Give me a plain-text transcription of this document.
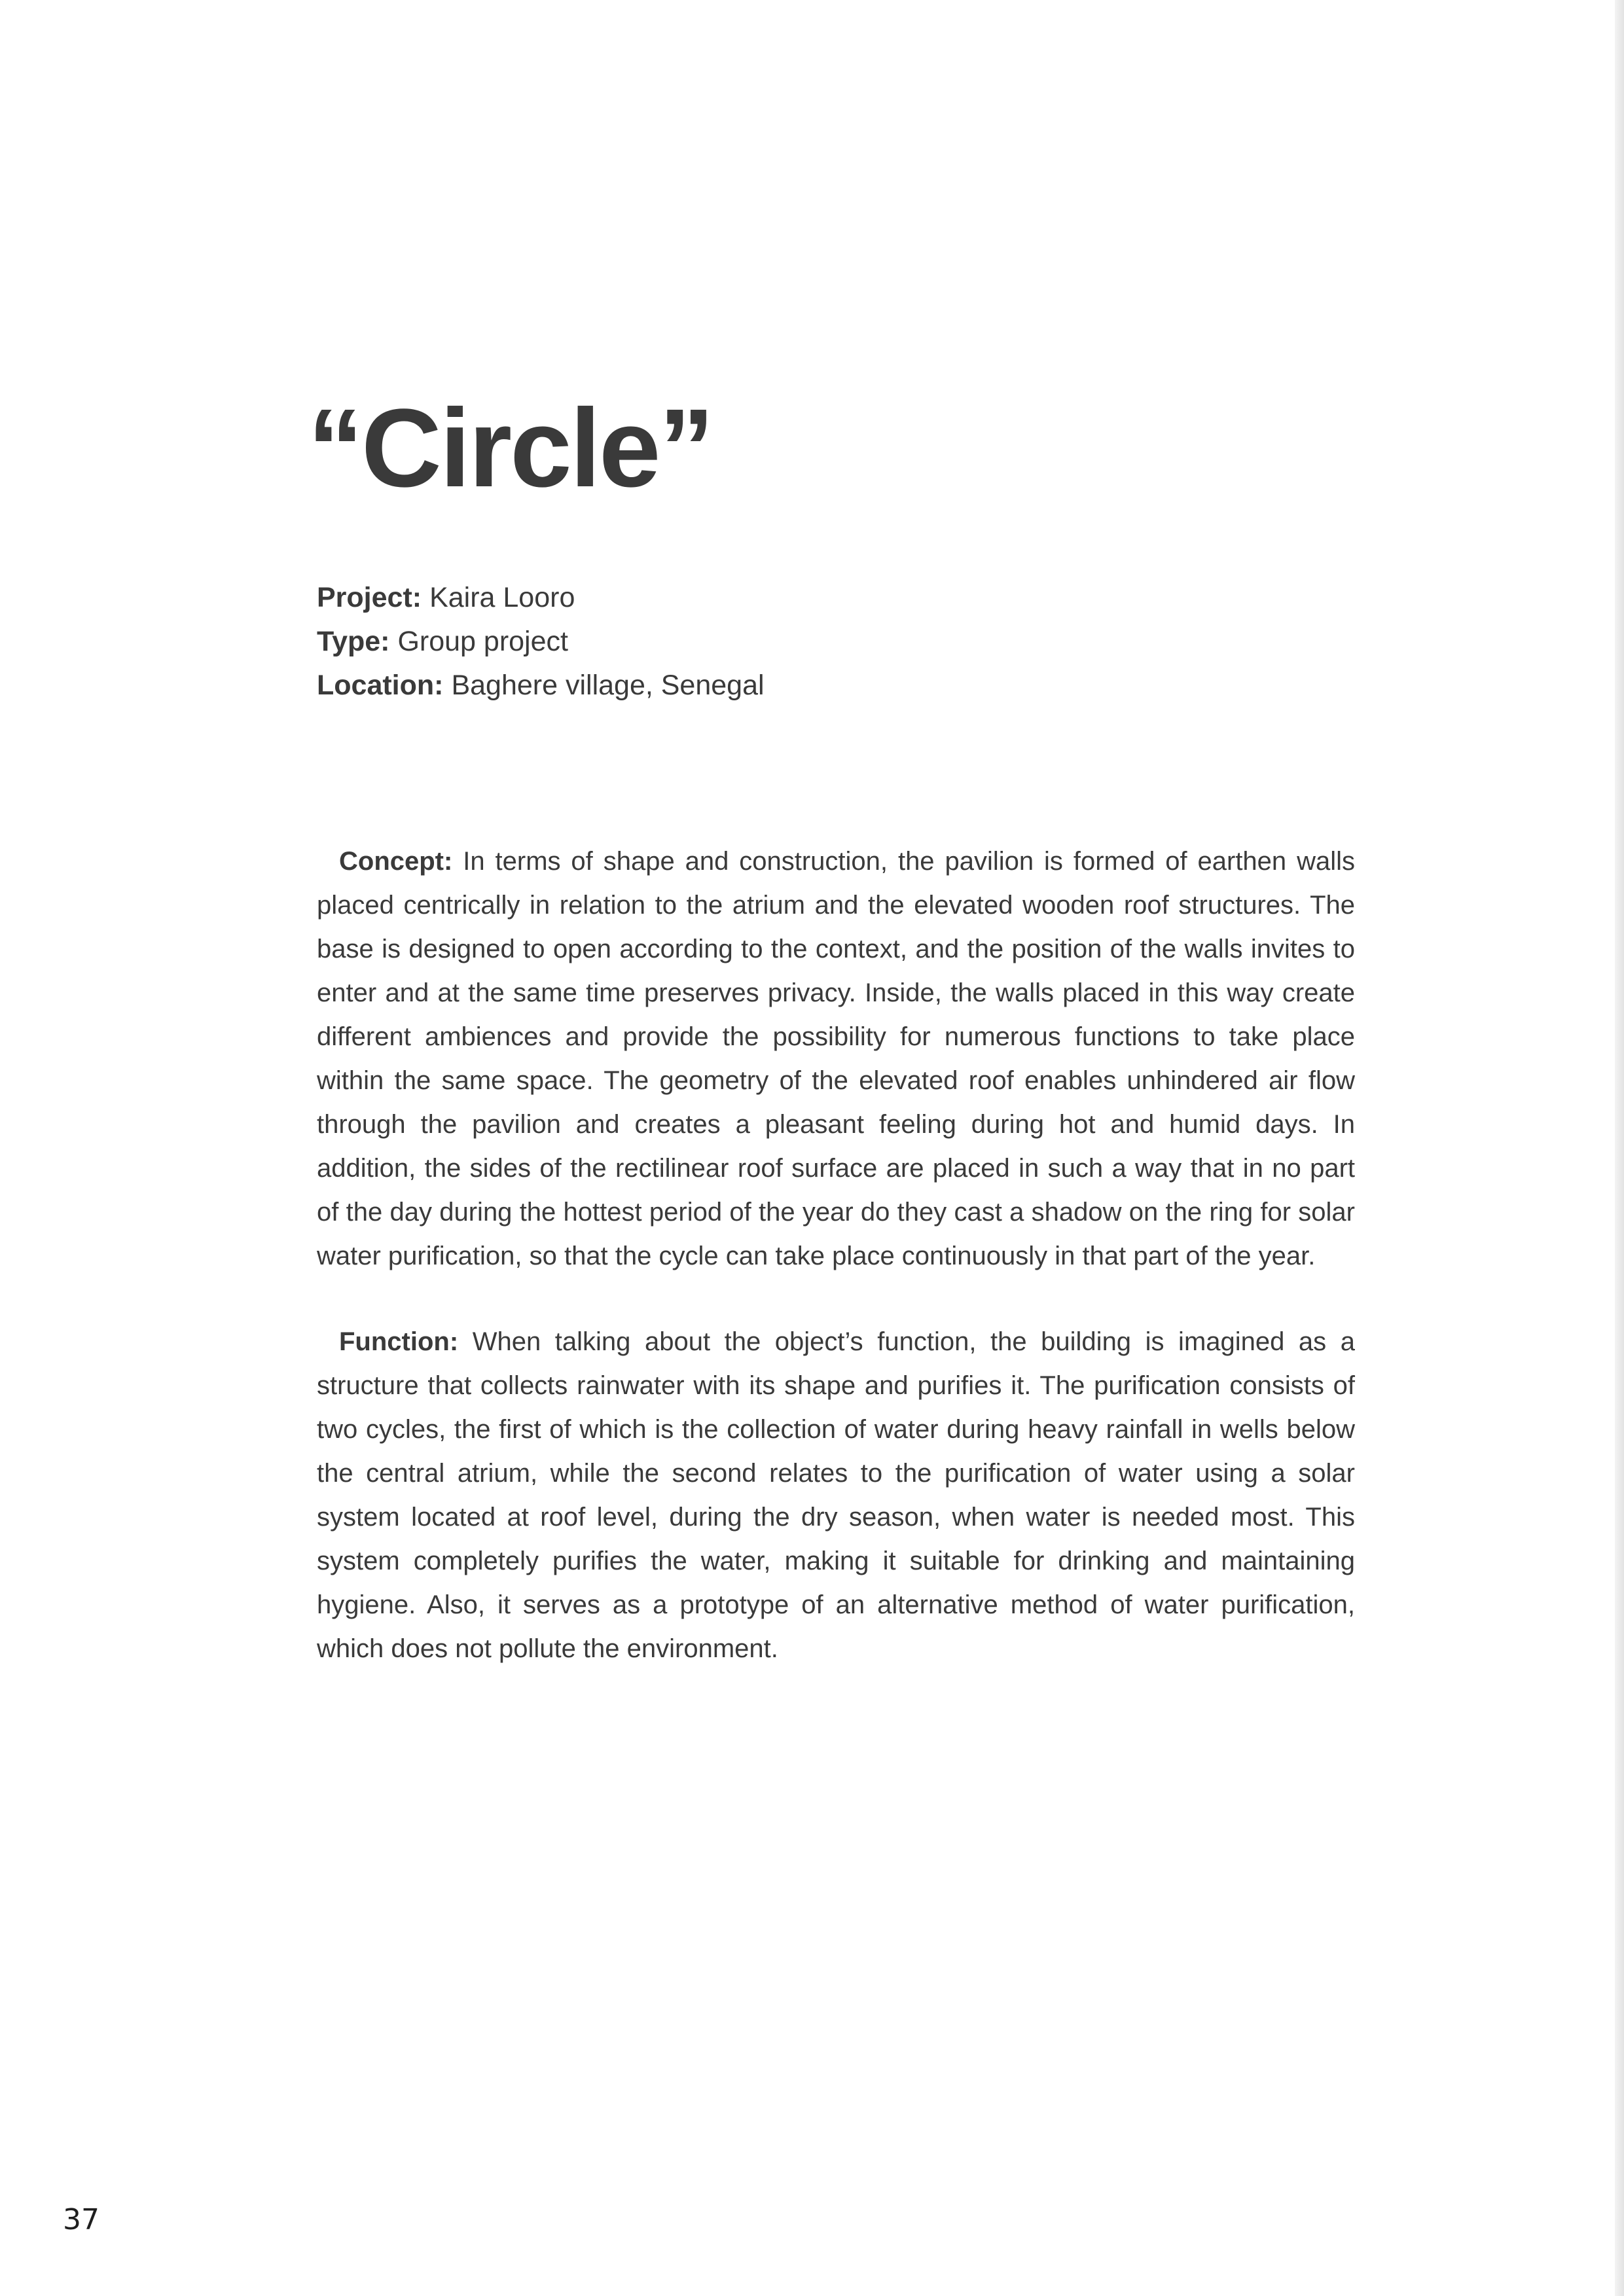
“Circle”
Project: Kaira Looro
Type: Group project
Location: Baghere village, Senegal

Concept: In terms of shape and construction, the pavilion is formed of earthen walls placed centrically in relation to the atrium and the elevated wooden roof structures. The base is designed to open according to the context, and the position of the walls invites to enter and at the same time preserves privacy. Inside, the walls placed in this way create different ambiences and provide the possibility for numerous functions to take place within the same space. The geometry of the elevated roof enables unhindered air flow through the pavilion and creates a pleasant feeling during hot and humid days. In addition, the sides of the rectilinear roof surface are placed in such a way that in no part of the day during the hottest period of the year do they cast a shadow on the ring for solar water purification, so that the cycle can take place continuously in that part of the year.

Function: When talking about the object’s function, the building is imagined as a structure that collects rainwater with its shape and purifies it. The purification consists of two cycles, the first of which is the collection of water during heavy rainfall in wells below the central atrium, while the second relates to the purification of water using a solar system located at roof level, during the dry season, when water is needed most. This system completely purifies the water, making it suitable for drinking and maintaining hygiene. Also, it serves as a prototype of an alternative method of water purification, which does not pollute the environment.

37
